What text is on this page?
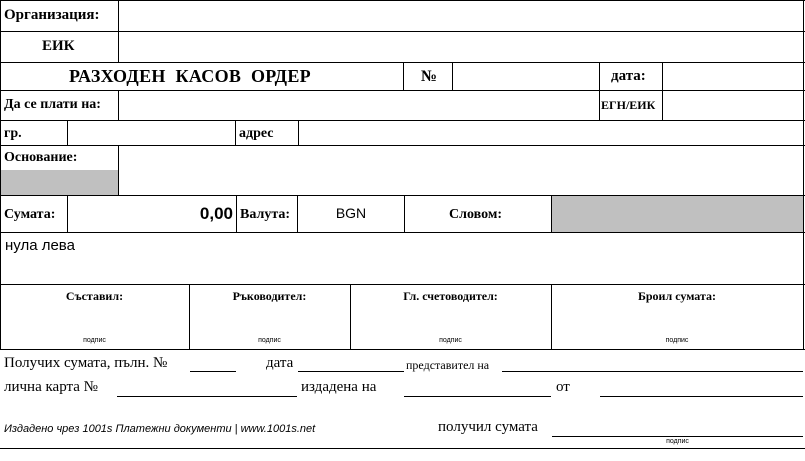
Организация:
ЕИК
РАЗХОДЕН КАСОВ ОРДЕР	№	дата:
Да се плати на:	ЕГН/ЕИК
гр.	адрес
Основание:
Сумата:	0,00 Валута:	BGN	Словом:
нула лева
Съставил:
подпис
Ръководител:
подпис
Гл. счетоводител:
подпис
Броил сумата:
подпис
Получих сумата, пълн. №	дата	представител на
лична карта №	издадена на	от
Издадено чрез 1001s Платежни документи | www.1001s.net	получил сумата
подпис
